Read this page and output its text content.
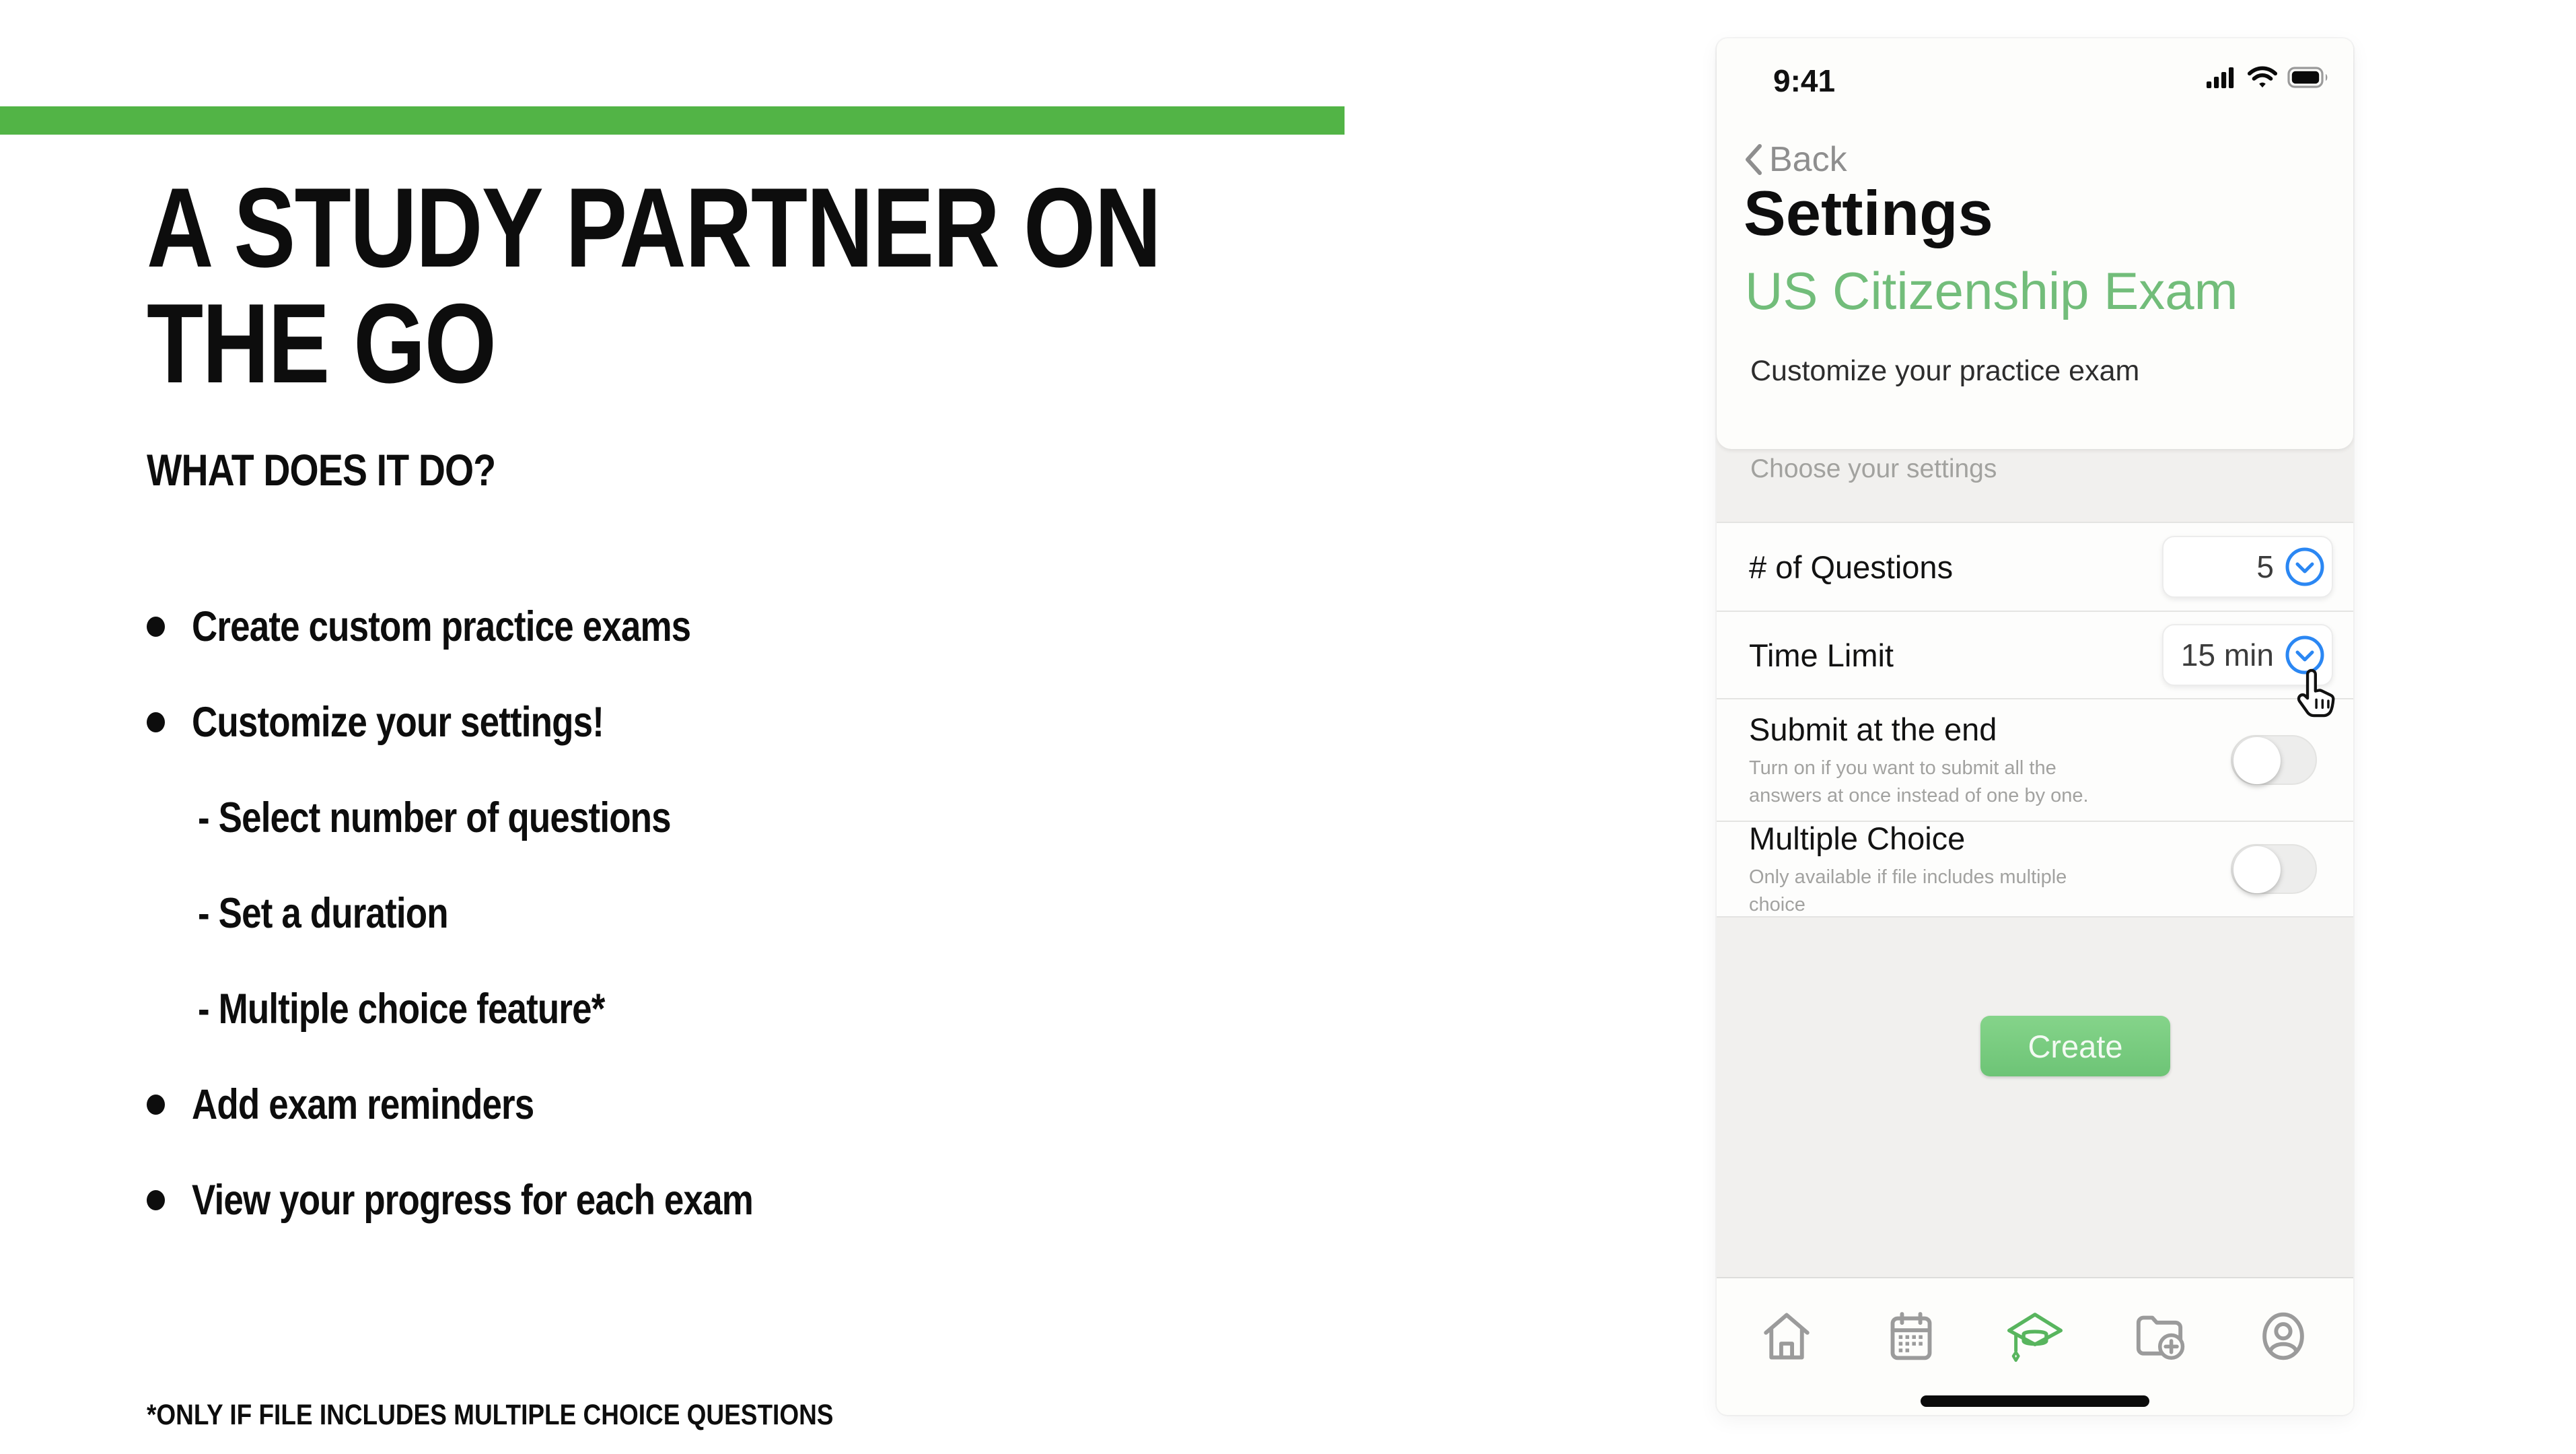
A STUDY PARTNER ON
THE GO
WHAT DOES IT DO?
Create custom practice exams
Customize your settings!
- Select number of questions
- Set a duration
- Multiple choice feature*
Add exam reminders
View your progress for each exam
*ONLY IF FILE INCLUDES MULTIPLE CHOICE QUESTIONS
9:41
Back
Settings
US Citizenship Exam
Customize your practice exam
Choose your settings
# of Questions	5
Time Limit	15 min
Submit at the end
Turn on if you want to submit all the answers at once instead of one by one.
Multiple Choice
Only available if file includes multiple choice
Create
